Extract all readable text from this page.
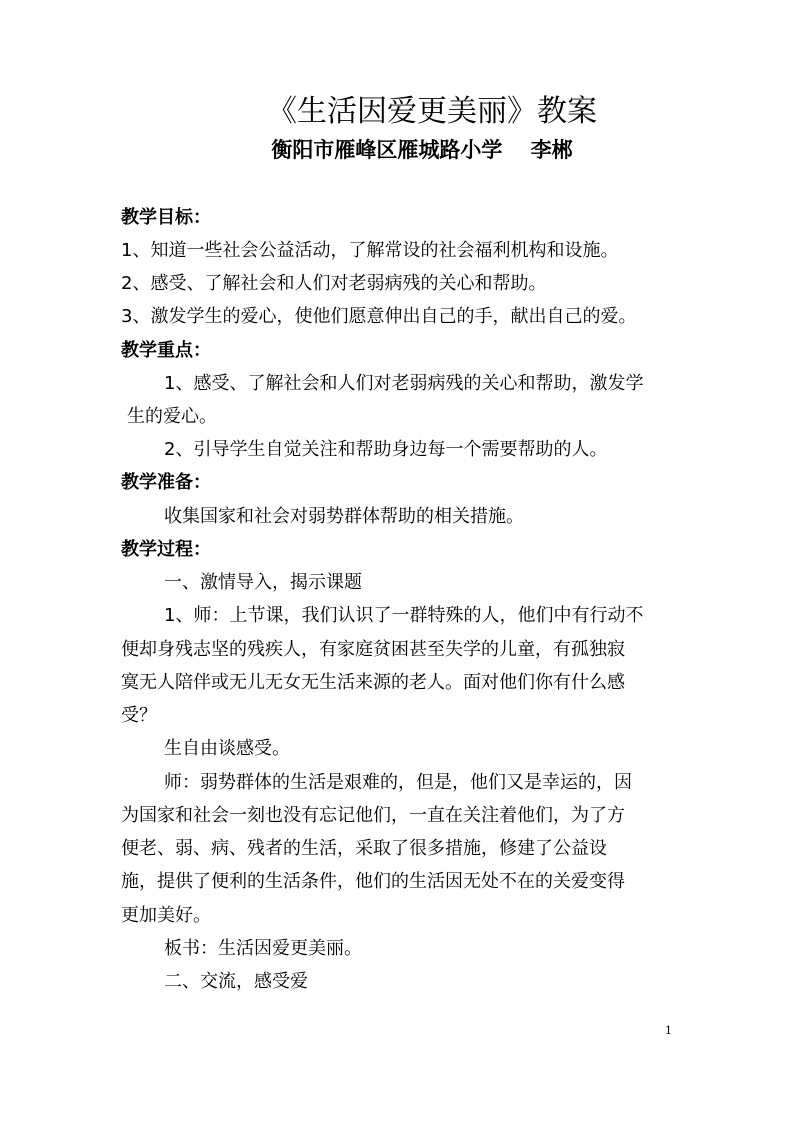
《生活因爱更美丽》教案
衡阳市雁峰区雁城路小学　 李郴
教学目标：
1、知道一些社会公益活动，了解常设的社会福利机构和设施。
2、感受、了解社会和人们对老弱病残的关心和帮助。
3、激发学生的爱心，使他们愿意伸出自己的手，献出自己的爱。
教学重点：
1、感受、了解社会和人们对老弱病残的关心和帮助，激发学
生的爱心。
2、引导学生自觉关注和帮助身边每一个需要帮助的人。
教学准备：
收集国家和社会对弱势群体帮助的相关措施。
教学过程：
一、激情导入，揭示课题
1、师：上节课，我们认识了一群特殊的人，他们中有行动不
便却身残志坚的残疾人，有家庭贫困甚至失学的儿童，有孤独寂
寞无人陪伴或无儿无女无生活来源的老人。面对他们你有什么感
受？
生自由谈感受。
师：弱势群体的生活是艰难的，但是，他们又是幸运的，因
为国家和社会一刻也没有忘记他们，一直在关注着他们，为了方
便老、弱、病、残者的生活，采取了很多措施，修建了公益设
施，提供了便利的生活条件，他们的生活因无处不在的关爱变得
更加美好。
板书：生活因爱更美丽。
二、交流，感受爱
1
